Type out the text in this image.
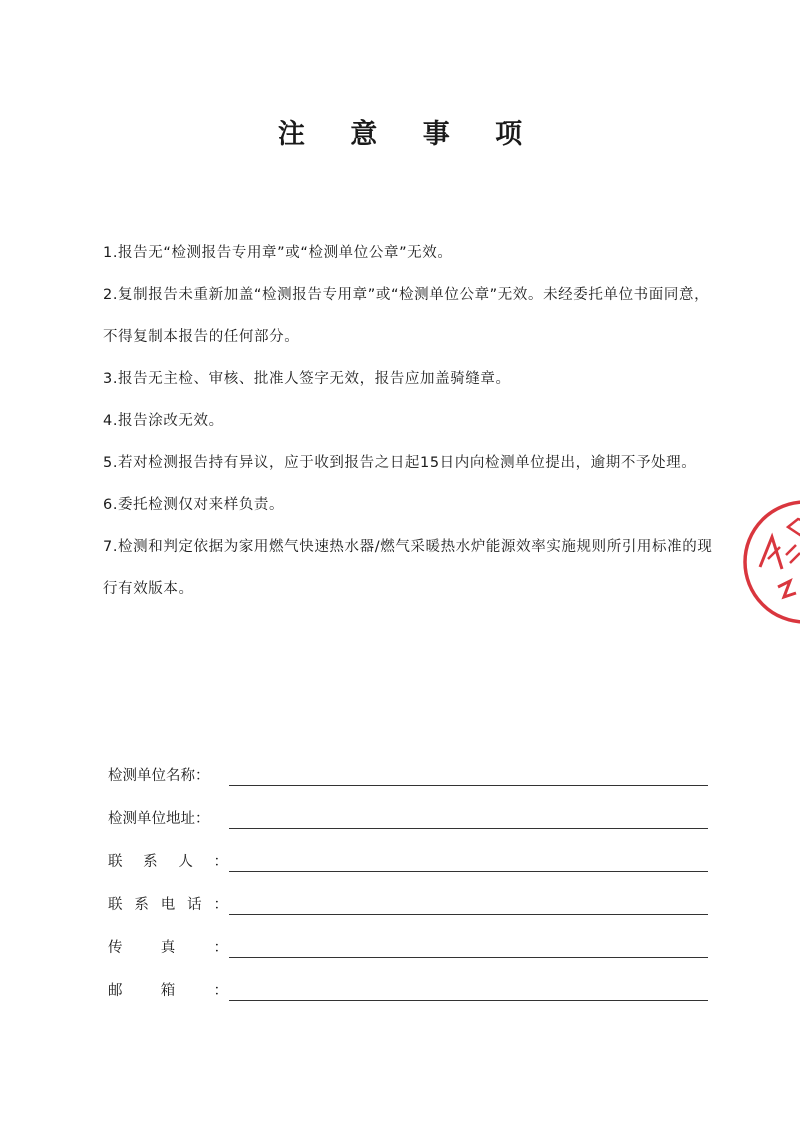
注 意 事 项

1.报告无“检测报告专用章”或“检测单位公章”无效。

2.复制报告未重新加盖“检测报告专用章”或“检测单位公章”无效。未经委托单位书面同意，不得复制本报告的任何部分。

3.报告无主检、审核、批准人签字无效，报告应加盖骑缝章。

4.报告涂改无效。

5.若对检测报告持有异议，应于收到报告之日起15日内向检测单位提出，逾期不予处理。

6.委托检测仅对来样负责。

7.检测和判定依据为家用燃气快速热水器/燃气采暖热水炉能源效率实施规则所引用标准的现行有效版本。

检测单位名称：
检测单位地址：
联 系 人 ：
联 系 电 话 ：
传	真	：
邮	箱	：
